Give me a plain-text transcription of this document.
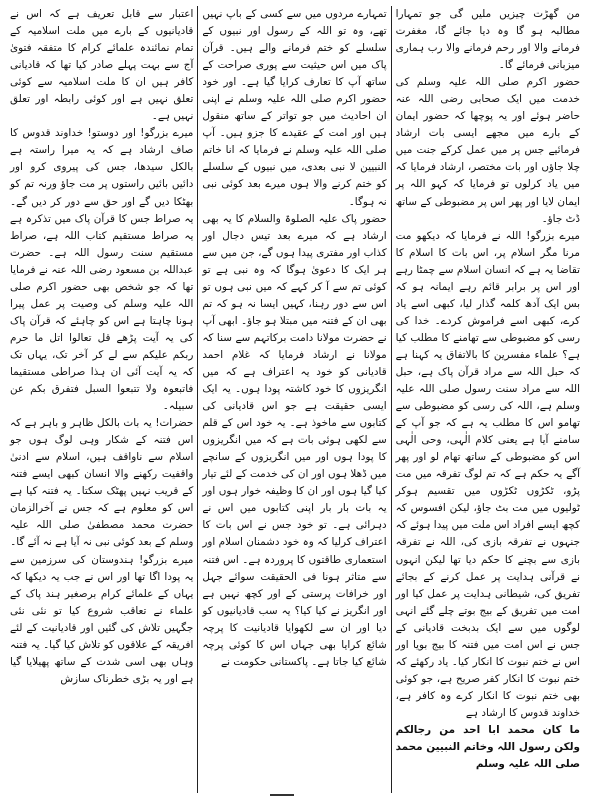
من گھڑت چیزیں ملیں گی جو تمہارا مطالبہ ہو گا وہ دیا جائے گا، مغفرت فرمانے والا اور رحم فرمانے والا رب ہماری میزبانی فرمائے گا۔

حضور اکرم صلی اللہ علیہ وسلم کی خدمت میں ایک صحابی رضی اللہ عنہ حاضر ہوئے اور یہ پوچھا کہ حضور ایمان کے بارے میں مجھے ایسی بات ارشاد فرمائیے جس پر میں عمل کرکے جنت میں چلا جاؤں اور بات مختصر، ارشاد فرمایا کہ میں یاد کرلوں تو فرمایا کہ کہو اللہ پر ایمان لایا اور پھر اس پر مضبوطی کے ساتھ ڈٹ جاؤ۔

میرے بزرگو! اللہ نے فرمایا کہ دیکھو مت مرنا مگر اسلام پر، اس بات کا اسلام کا تقاضا یہ ہے کہ انسان اسلام سے چمٹا رہے اور اس پر برابر قائم رہے ایمانہ ہو کہ بس ایک آدھ کلمہ گذار لیا، کبھی اسے یاد کرے، کبھی اسے فراموش کردے۔ خدا کی رسی کو مضبوطی سے تھامنے کا مطلب کیا ہے؟ علماء مفسرین کا بالاتفاق یہ کہنا ہے کہ حبل اللہ سے مراد قرآن پاک ہے، حبل اللہ سے مراد سنت رسول صلی اللہ علیہ وسلم ہے، اللہ کی رسی کو مضبوطی سے تھامو اس کا مطلب یہ ہے کہ جو آپ کے سامنے آیا ہے یعنی کلام الٰہی، وحی الٰہی اس کو مضبوطی کے ساتھ تھام لو اور پھر آگے یہ حکم ہے کہ تم لوگ تفرقہ میں مت پڑو، ٹکڑوں ٹکڑوں میں تقسیم ہوکر ٹولیوں میں مت بٹ جاؤ، لیکن افسوس کہ کچھ ایسے افراد اس ملت میں پیدا ہوئے کہ جنہوں نے تفرقہ بازی کی، اللہ نے تفرقہ بازی سے بچنے کا حکم دیا تھا لیکن انہوں نے قرآنی ہدایت پر عمل کرنے کے بجائے تفریق کی، شیطانی ہدایت پر عمل کیا اور امت میں تفریق کے بیج بوتے چلے گئے انہی لوگوں میں سے ایک بدبخت قادیانی کے جس نے اس امت میں فتنہ کا بیج بویا اور اس نے ختم نبوت کا انکار کیا۔ یاد رکھئے کہ ختم نبوت کا انکار کفر صریح ہے، جو کوئی بھی ختم نبوت کا انکار کرے وہ کافر ہے، خداوند قدوس کا ارشاد ہے

ما کان محمد ابا احد من رجالکم ولکن رسول اللہ وخاتم النبیین محمد صلی اللہ علیہ وسلم

تمہارے مردوں میں سے کسی کے باپ نہیں تھے، وہ تو اللہ کے رسول اور نبیوں کے سلسلے کو ختم فرمانے والے ہیں۔ قرآن پاک میں اس حیثیت سے پوری صراحت کے ساتھ آپ کا تعارف کرایا گیا ہے۔ اور خود حضور اکرم صلی اللہ علیہ وسلم نے اپنی ان احادیث میں جو تواتر کے ساتھ منقول ہیں اور امت کے عقیدے کا جزو ہیں۔ آپ صلی اللہ علیہ وسلم نے فرمایا کہ انا خاتم النبیین لا نبی بعدی، میں نبیوں کے سلسلے کو ختم کرنے والا ہوں میرے بعد کوئی نبی نہ ہوگا۔

حضور پاک علیہ الصلوۃ والسلام کا یہ بھی ارشاد ہے کہ میرے بعد تیس دجال اور کذاب اور مفتری پیدا ہوں گے، جن میں سے ہر ایک کا دعویٰ ہوگا کہ وہ نبی ہے تو کوئی تم سے آ کر کہے کہ میں نبی ہوں تو اس سے دور رہنا، کہیں ایسا نہ ہو کہ تم بھی ان کے فتنہ میں مبتلا ہو جاؤ۔ ابھی آپ نے حضرت مولانا دامت برکاتہم سے سنا کہ مولانا نے ارشاد فرمایا کہ غلام احمد قادیانی کو خود یہ اعتراف ہے کہ میں انگریزوں کا خود کاشتہ پودا ہوں۔ یہ ایک ایسی حقیقت ہے جو اس قادیانی کی کتابوں سے ماخوذ ہے۔ یہ خود اس کے قلم سے لکھی ہوئی بات ہے کہ میں انگریزوں کا پودا ہوں اور میں انگریزوں کے سانچے میں ڈھلا ہوں اور ان کی خدمت کے لئے تیار کیا گیا ہوں اور ان کا وظیفہ خوار ہوں اور یہ بات بار بار اپنی کتابوں میں اس نے دہرائی ہے۔ تو خود جس نے اس بات کا اعتراف کرلیا کہ وہ خود دشمنان اسلام اور استعماری طاقتوں کا پروردہ ہے۔ اس فتنہ سے متاثر ہونا فی الحقیقت سوائے جہل اور خرافات پرستی کے اور کچھ نہیں ہے اور انگریز نے کیا کیا؟ یہ سب قادیانیوں کو دیا اور ان سے لکھوایا قادیانیت کا پرچہ شائع کرایا بھی جہاں اس کا کوئی پرچہ شائع کیا جاتا ہے۔ پاکستانی حکومت نے

اعتبار سے قابل تعریف ہے کہ اس نے قادیانیوں کے بارے میں ملت اسلامیہ کے تمام نمائندہ علمائے کرام کا متفقہ فتویٰ آج سے بہت پہلے صادر کیا تھا کہ قادیانی کافر ہیں ان کا ملت اسلامیہ سے کوئی تعلق نہیں ہے اور کوئی رابطہ اور تعلق نہیں ہے۔

میرے بزرگو! اور دوستو! خداوند قدوس کا صاف ارشاد ہے کہ یہ میرا راستہ ہے بالکل سیدھا، جس کی پیروی کرو اور دائیں بائیں راستوں پر مت جاؤ ورنہ تم کو بھٹکا دیں گے اور حق سے دور کر دیں گے۔ یہ صراط جس کا قرآن پاک میں تذکرہ ہے یہ صراط مستقیم کتاب اللہ ہے، صراط مستقیم سنت رسول اللہ ہے۔ حضرت عبداللہ بن مسعود رضی اللہ عنہ نے فرمایا تھا کہ جو شخص بھی حضور اکرم صلی اللہ علیہ وسلم کی وصیت پر عمل پیرا ہونا چاہتا ہے اس کو چاہئے کہ قرآن پاک کی یہ آیت پڑھے قل تعالوا اتل ما حرم ربکم علیکم سے لے کر آخر تک، یہاں تک کہ یہ آیت آئی ان ہذا صراطی مستقیما فاتبعوہ ولا تتبعوا السبل فتفرق بکم عن سبیلہ۔

حضرات! یہ بات بالکل ظاہر و باہر ہے کہ اس فتنہ کے شکار وہی لوگ ہوں جو اسلام سے ناواقف ہیں، اسلام سے ادنیٰ واقفیت رکھنے والا انسان کبھی ایسے فتنہ کے قریب نہیں پھٹک سکتا۔ یہ فتنہ کیا ہے اس کو معلوم ہے کہ جس نے آخرالزمان حضرت محمد مصطفیٰ صلی اللہ علیہ وسلم کے بعد کوئی نبی نہ آیا ہے نہ آئے گا۔

میرے بزرگو! ہندوستان کی سرزمین سے یہ پودا اگا تھا اور اس نے جب یہ دیکھا کہ یہاں کے علمائے کرام برصغیر ہند پاک کے علماء نے تعاقب شروع کیا تو نئی نئی جگہیں تلاش کی گئیں اور قادیانیت کے لئے افریقہ کے علاقوں کو تلاش کیا گیا۔ یہ فتنہ وہاں بھی اسی شدت کے ساتھ پھیلایا گیا ہے اور یہ بڑی خطرناک سازش
